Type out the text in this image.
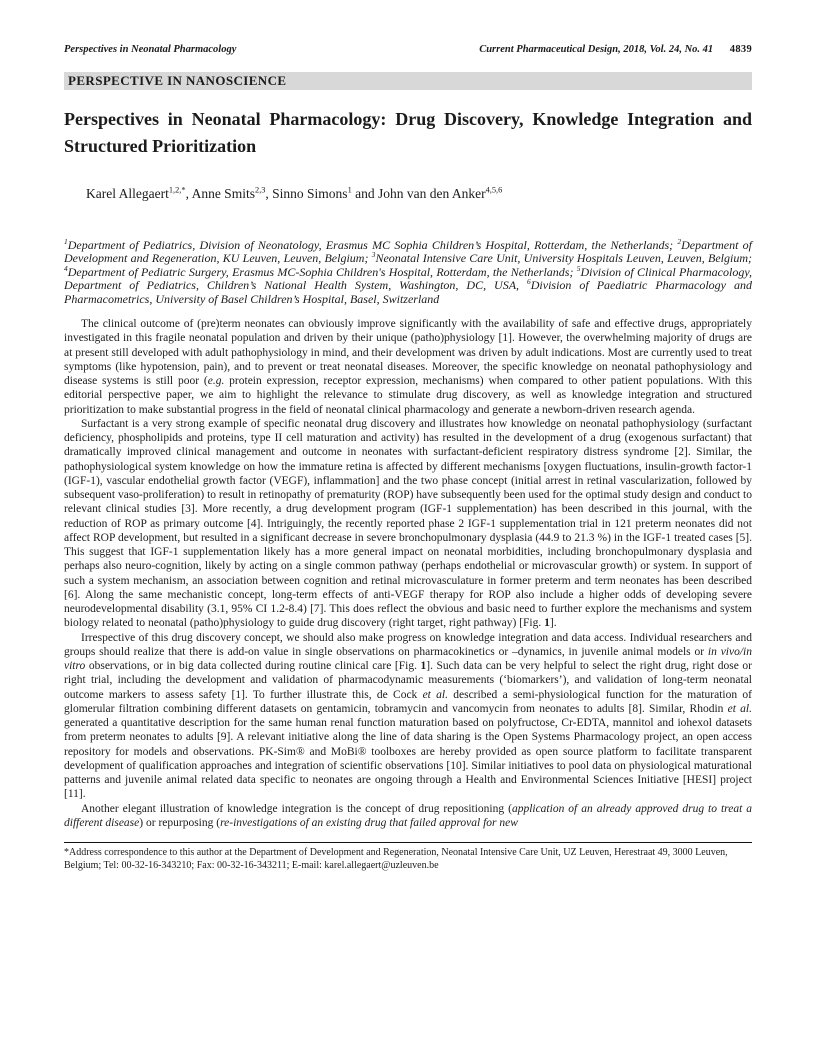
Perspectives in Neonatal Pharmacology	Current Pharmaceutical Design, 2018, Vol. 24, No. 41 4839
PERSPECTIVE IN NANOSCIENCE
Perspectives in Neonatal Pharmacology: Drug Discovery, Knowledge Integration and Structured Prioritization
Karel Allegaert$^{1,2,*}$, Anne Smits$^{2,3}$, Sinno Simons$^1$ and John van den Anker$^{4,5,6}$
$^1$Department of Pediatrics, Division of Neonatology, Erasmus MC Sophia Children’s Hospital, Rotterdam, the Netherlands; $^2$Department of Development and Regeneration, KU Leuven, Leuven, Belgium; $^3$Neonatal Intensive Care Unit, University Hospitals Leuven, Leuven, Belgium; $^4$Department of Pediatric Surgery, Erasmus MC-Sophia Children's Hospital, Rotterdam, the Netherlands; $^5$Division of Clinical Pharmacology, Department of Pediatrics, Children’s National Health System, Washington, DC, USA, $^6$Division of Paediatric Pharmacology and Pharmacometrics, University of Basel Children’s Hospital, Basel, Switzerland

The clinical outcome of (pre)term neonates can obviously improve significantly with the availability of safe and effective drugs, appropriately investigated in this fragile neonatal population and driven by their unique (patho)physiology [1]. However, the overwhelming majority of drugs are at present still developed with adult pathophysiology in mind, and their development was driven by adult indications. Most are currently used to treat symptoms (like hypotension, pain), and to prevent or treat neonatal diseases. Moreover, the specific knowledge on neonatal pathophysiology and disease systems is still poor (e.g. protein expression, receptor expression, mechanisms) when compared to other patient populations. With this editorial perspective paper, we aim to highlight the relevance to stimulate drug discovery, as well as knowledge integration and structured prioritization to make substantial progress in the field of neonatal clinical pharmacology and generate a newborn-driven research agenda.

Surfactant is a very strong example of specific neonatal drug discovery and illustrates how knowledge on neonatal pathophysiology (surfactant deficiency, phospholipids and proteins, type II cell maturation and activity) has resulted in the development of a drug (exogenous surfactant) that dramatically improved clinical management and outcome in neonates with surfactant-deficient respiratory distress syndrome [2]. Similar, the pathophysiological system knowledge on how the immature retina is affected by different mechanisms [oxygen fluctuations, insulin-growth factor-1 (IGF-1), vascular endothelial growth factor (VEGF), inflammation] and the two phase concept (initial arrest in retinal vascularization, followed by subsequent vaso-proliferation) to result in retinopathy of prematurity (ROP) have subsequently been used for the optimal study design and conduct to relevant clinical studies [3]. More recently, a drug development program (IGF-1 supplementation) has been described in this journal, with the reduction of ROP as primary outcome [4]. Intriguingly, the recently reported phase 2 IGF-1 supplementation trial in 121 preterm neonates did not affect ROP development, but resulted in a significant decrease in severe bronchopulmonary dysplasia (44.9 to 21.3 %) in the IGF-1 treated cases [5]. This suggest that IGF-1 supplementation likely has a more general impact on neonatal morbidities, including bronchopulmonary dysplasia and perhaps also neuro-cognition, likely by acting on a single common pathway (perhaps endothelial or microvascular growth) or system. In support of such a system mechanism, an association between cognition and retinal microvasculature in former preterm and term neonates has been described [6]. Along the same mechanistic concept, long-term effects of anti-VEGF therapy for ROP also include a higher odds of developing severe neurodevelopmental disability (3.1, 95% CI 1.2-8.4) [7]. This does reflect the obvious and basic need to further explore the mechanisms and system biology related to neonatal (patho)physiology to guide drug discovery (right target, right pathway) [Fig. 1].

Irrespective of this drug discovery concept, we should also make progress on knowledge integration and data access. Individual researchers and groups should realize that there is add-on value in single observations on pharmacokinetics or –dynamics, in juvenile animal models or in vivo/in vitro observations, or in big data collected during routine clinical care [Fig. 1]. Such data can be very helpful to select the right drug, right dose or right trial, including the development and validation of pharmacodynamic measurements (‘biomarkers’), and validation of long-term neonatal outcome markers to assess safety [1]. To further illustrate this, de Cock et al. described a semi-physiological function for the maturation of glomerular filtration combining different datasets on gentamicin, tobramycin and vancomycin from neonates to adults [8]. Similar, Rhodin et al. generated a quantitative description for the same human renal function maturation based on polyfructose, Cr-EDTA, mannitol and iohexol datasets from preterm neonates to adults [9]. A relevant initiative along the line of data sharing is the Open Systems Pharmacology project, an open access repository for models and observations. PK-Sim® and MoBi® toolboxes are hereby provided as open source platform to facilitate transparent development of qualification approaches and integration of scientific observations [10]. Similar initiatives to pool data on physiological maturational patterns and juvenile animal related data specific to neonates are ongoing through a Health and Environmental Sciences Initiative [HESI] project [11].

Another elegant illustration of knowledge integration is the concept of drug repositioning (application of an already approved drug to treat a different disease) or repurposing (re-investigations of an existing drug that failed approval for new

*Address correspondence to this author at the Department of Development and Regeneration, Neonatal Intensive Care Unit, UZ Leuven, Herestraat 49, 3000 Leuven, Belgium; Tel: 00-32-16-343210; Fax: 00-32-16-343211; E-mail: karel.allegaert@uzleuven.be
